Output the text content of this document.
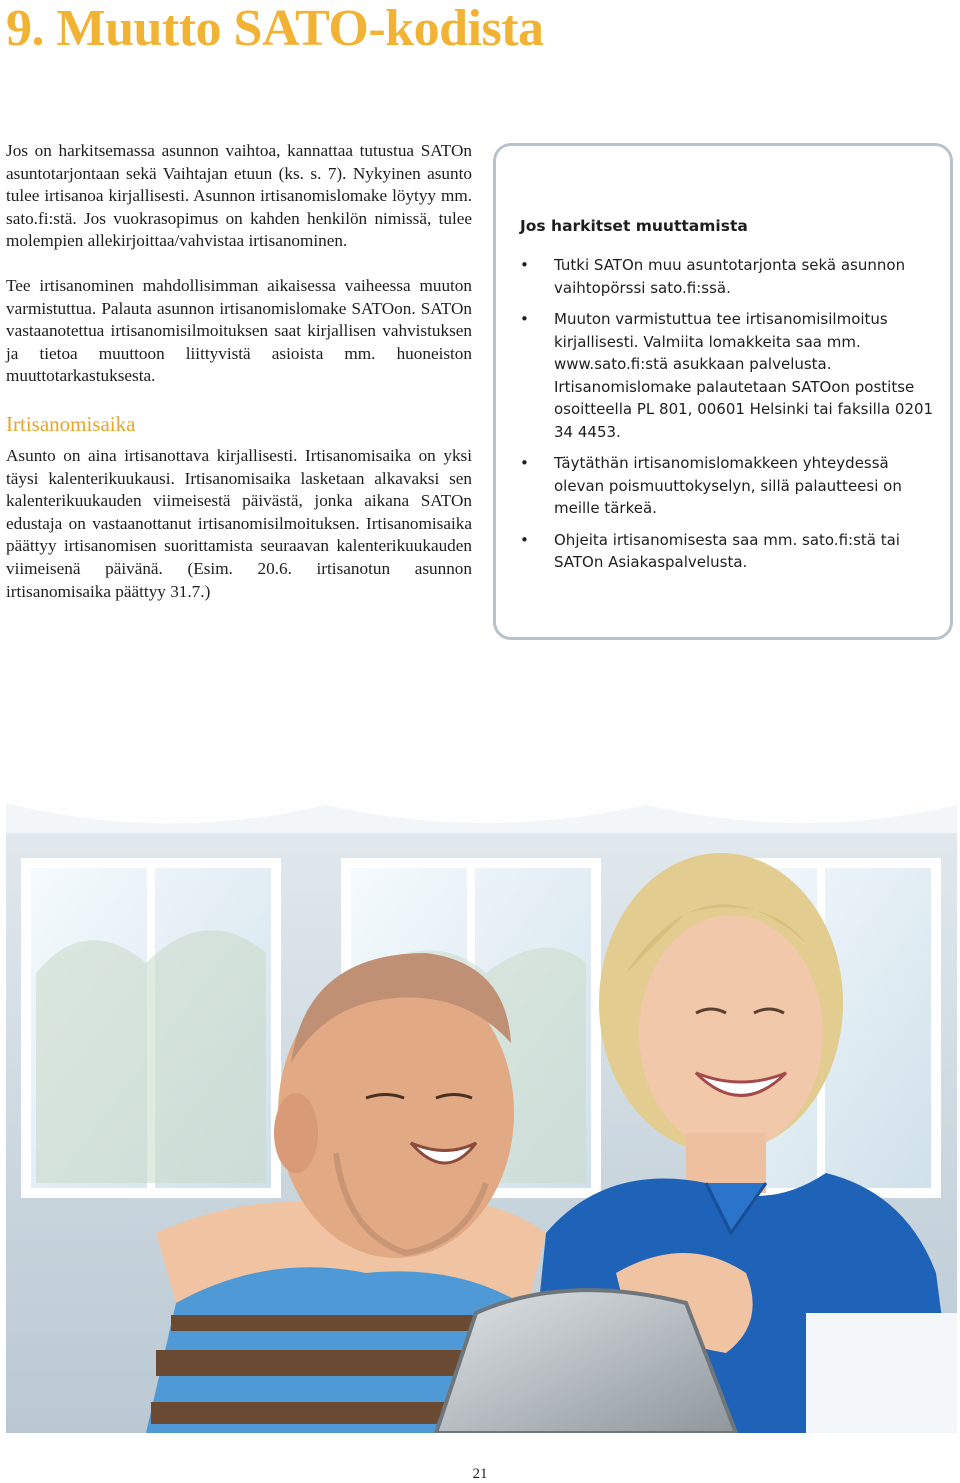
9. Muutto SATO-kodista

Jos on harkitsemassa asunnon vaihtoa, kannattaa tutustua SATOn asuntotarjontaan sekä Vaihtajan etuun (ks. s. 7). Nykyinen asunto tulee irtisanoa kirjallisesti. Asunnon irtisanomislomake löytyy mm. sato.fi:stä. Jos vuokrasopimus on kahden henkilön nimissä, tulee molempien allekirjoittaa/vahvistaa irtisanominen.

Tee irtisanominen mahdollisimman aikaisessa vaiheessa muuton varmistuttua. Palauta asunnon irtisanomislomake SATOon. SATOn vastaanotettua irtisanomisilmoituksen saat kirjallisen vahvistuksen ja tietoa muuttoon liittyvistä asioista mm. huoneiston muuttotarkastuksesta.

Irtisanomisaika

Asunto on aina irtisanottava kirjallisesti. Irtisanomisaika on yksi täysi kalenterikuukausi. Irtisanomisaika lasketaan alkavaksi sen kalenterikuukauden viimeisestä päivästä, jonka aikana SATOn edustaja on vastaanottanut irtisanomisilmoituksen. Irtisanomisaika päättyy irtisanomisen suorittamista seuraavan kalenterikuukauden viimeisenä päivänä. (Esim. 20.6. irtisanotun asunnon irtisanomisaika päättyy 31.7.)

Jos harkitset muuttamista
• Tutki SATOn muu asuntotarjonta sekä asunnon vaihtopörssi sato.fi:ssä.
• Muuton varmistuttua tee irtisanomisilmoitus kirjallisesti. Valmiita lomakkeita saa mm. www.sato.fi:stä asukkaan palvelusta. Irtisanomislomake palautetaan SATOon postitse osoitteella PL 801, 00601 Helsinki tai faksilla 0201 34 4453.
• Täytäthän irtisanomislomakkeen yhteydessä olevan poismuuttokyselyn, sillä palautteesi on meille tärkeä.
• Ohjeita irtisanomisesta saa mm. sato.fi:stä tai SATOn Asiakaspalvelusta.
21
